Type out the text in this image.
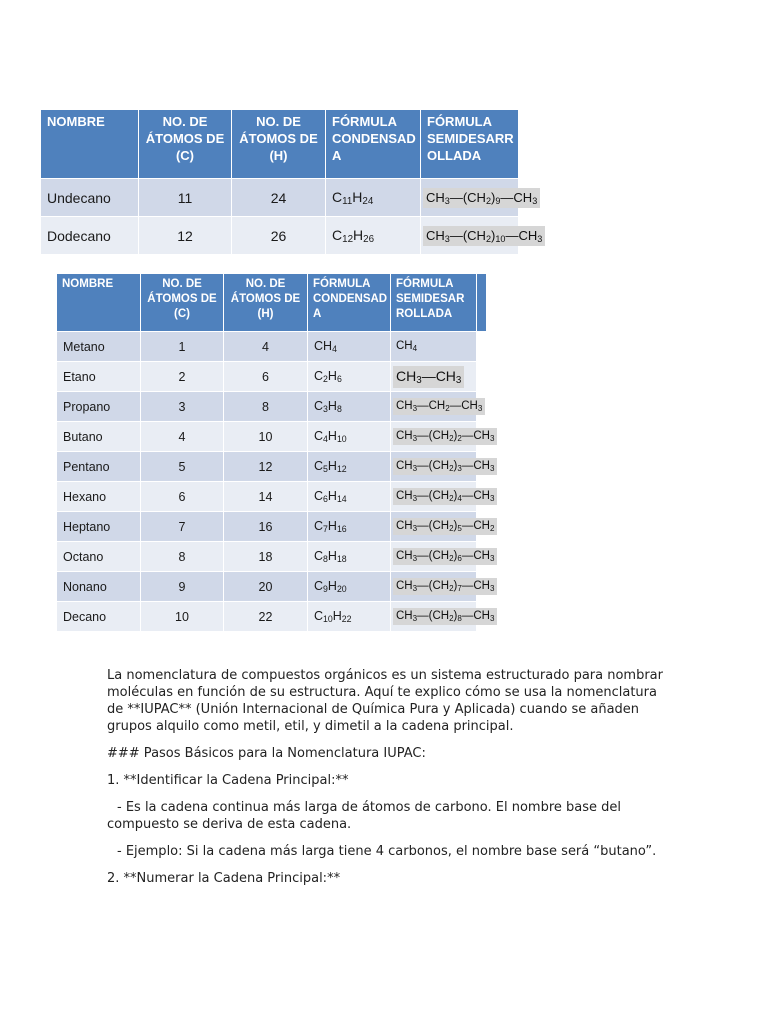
NOMBRE	NO. DE ÁTOMOS DE (C)	NO. DE ÁTOMOS DE (H)	FÓRMULA CONDENSAD A	FÓRMULA SEMIDESARR OLLADA
Undecano	11	24	$C_{11}H_{24}$	$CH_3—(CH_2)_9—CH_3$
Dodecano	12	26	$C_{12}H_{26}$	$CH_3—(CH_2)_{10}—CH_3$
NOMBRE	NO. DE ÁTOMOS DE (C)	NO. DE ÁTOMOS DE (H)	FÓRMULA CONDENSAD A	FÓRMULA SEMIDESAR ROLLADA	
Metano	1	4	$CH_4$	$CH_4$	
Etano	2	6	$C_2H_6$	$CH_3—CH_3$	
Propano	3	8	$C_3H_8$	$CH_3—CH_2—CH_3$	
Butano	4	10	$C_4H_{10}$	$CH_3—(CH_2)_2—CH_3$	
Pentano	5	12	$C_5H_{12}$	$CH_3—(CH_2)_3—CH_3$	
Hexano	6	14	$C_6H_{14}$	$CH_3—(CH_2)_4—CH_3$	
Heptano	7	16	$C_7H_{16}$	$CH_3—(CH_2)_5—CH_2$	
Octano	8	18	$C_8H_{18}$	$CH_3—(CH_2)_6—CH_3$	
Nonano	9	20	$C_9H_{20}$	$CH_3—(CH_2)_7—CH_3$	
Decano	10	22	$C_{10}H_{22}$	$CH_3—(CH_2)_8—CH_3$	

La nomenclatura de compuestos orgánicos es un sistema estructurado para nombrar moléculas en función de su estructura. Aquí te explico cómo se usa la nomenclatura de **IUPAC** (Unión Internacional de Química Pura y Aplicada) cuando se añaden grupos alquilo como metil, etil, y dimetil a la cadena principal.

### Pasos Básicos para la Nomenclatura IUPAC:

1. **Identificar la Cadena Principal:**

- Es la cadena continua más larga de átomos de carbono. El nombre base del compuesto se deriva de esta cadena.

- Ejemplo: Si la cadena más larga tiene 4 carbonos, el nombre base será “butano”.

2. **Numerar la Cadena Principal:**
